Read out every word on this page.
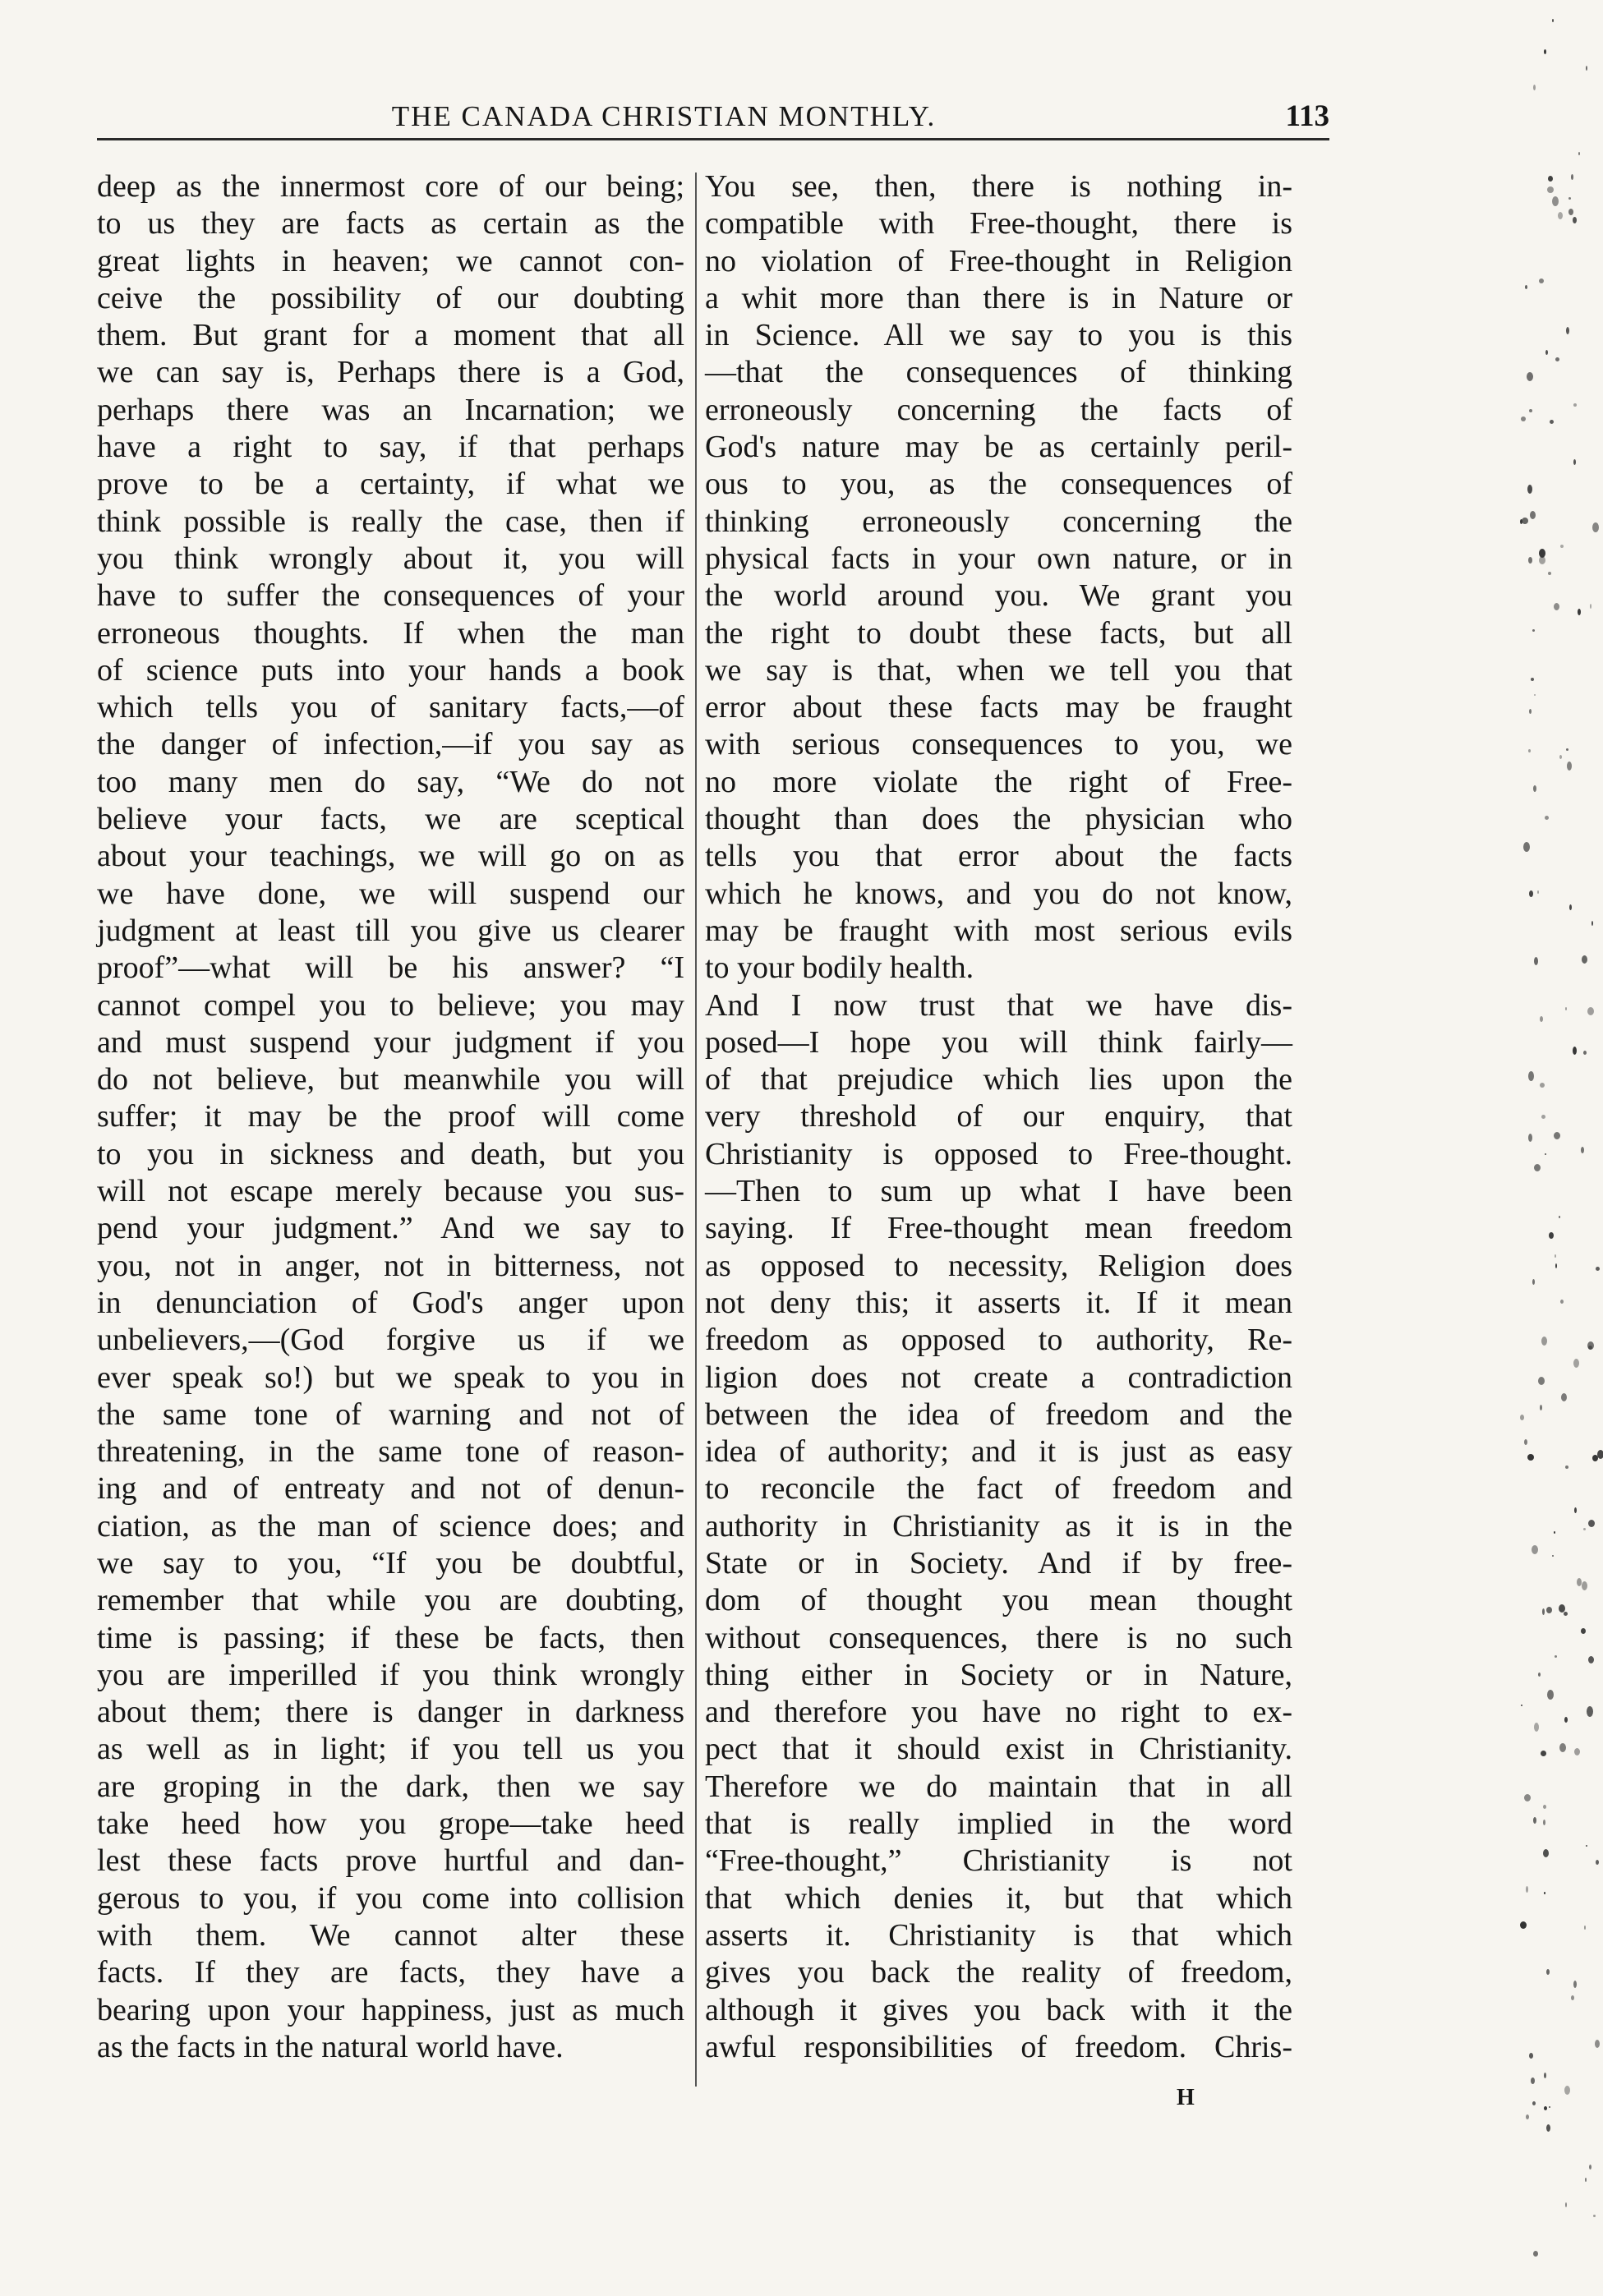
THE CANADA CHRISTIAN MONTHLY.	113
deep as the innermost core of our being;
to us they are facts as certain as the
great lights in heaven; we cannot con-
ceive the possibility of our doubting
them. But grant for a moment that all
we can say is, Perhaps there is a God,
perhaps there was an Incarnation; we
have a right to say, if that perhaps
prove to be a certainty, if what we
think possible is really the case, then if
you think wrongly about it, you will
have to suffer the consequences of your
erroneous thoughts. If when the man
of science puts into your hands a book
which tells you of sanitary facts,—of
the danger of infection,—if you say as
too many men do say, “We do not
believe your facts, we are sceptical
about your teachings, we will go on as
we have done, we will suspend our
judgment at least till you give us clearer
proof”—what will be his answer? “I
cannot compel you to believe; you may
and must suspend your judgment if you
do not believe, but meanwhile you will
suffer; it may be the proof will come
to you in sickness and death, but you
will not escape merely because you sus-
pend your judgment.” And we say to
you, not in anger, not in bitterness, not
in denunciation of God's anger upon
unbelievers,—(God forgive us if we
ever speak so!) but we speak to you in
the same tone of warning and not of
threatening, in the same tone of reason-
ing and of entreaty and not of denun-
ciation, as the man of science does; and
we say to you, “If you be doubtful,
remember that while you are doubting,
time is passing; if these be facts, then
you are imperilled if you think wrongly
about them; there is danger in darkness
as well as in light; if you tell us you
are groping in the dark, then we say
take heed how you grope—take heed
lest these facts prove hurtful and dan-
gerous to you, if you come into collision
with them. We cannot alter these
facts. If they are facts, they have a
bearing upon your happiness, just as much
as the facts in the natural world have.
You see, then, there is nothing in-
compatible with Free-thought, there is
no violation of Free-thought in Religion
a whit more than there is in Nature or
in Science. All we say to you is this
—that the consequences of thinking
erroneously concerning the facts of
God's nature may be as certainly peril-
ous to you, as the consequences of
thinking erroneously concerning the
physical facts in your own nature, or in
the world around you. We grant you
the right to doubt these facts, but all
we say is that, when we tell you that
error about these facts may be fraught
with serious consequences to you, we
no more violate the right of Free-
thought than does the physician who
tells you that error about the facts
which he knows, and you do not know,
may be fraught with most serious evils
to your bodily health.
And I now trust that we have dis-
posed—I hope you will think fairly—
of that prejudice which lies upon the
very threshold of our enquiry, that
Christianity is opposed to Free-thought.
—Then to sum up what I have been
saying. If Free-thought mean freedom
as opposed to necessity, Religion does
not deny this; it asserts it. If it mean
freedom as opposed to authority, Re-
ligion does not create a contradiction
between the idea of freedom and the
idea of authority; and it is just as easy
to reconcile the fact of freedom and
authority in Christianity as it is in the
State or in Society. And if by free-
dom of thought you mean thought
without consequences, there is no such
thing either in Society or in Nature,
and therefore you have no right to ex-
pect that it should exist in Christianity.
Therefore we do maintain that in all
that is really implied in the word
“Free-thought,” Christianity is not
that which denies it, but that which
asserts it. Christianity is that which
gives you back the reality of freedom,
although it gives you back with it the
awful responsibilities of freedom. Chris-
H
